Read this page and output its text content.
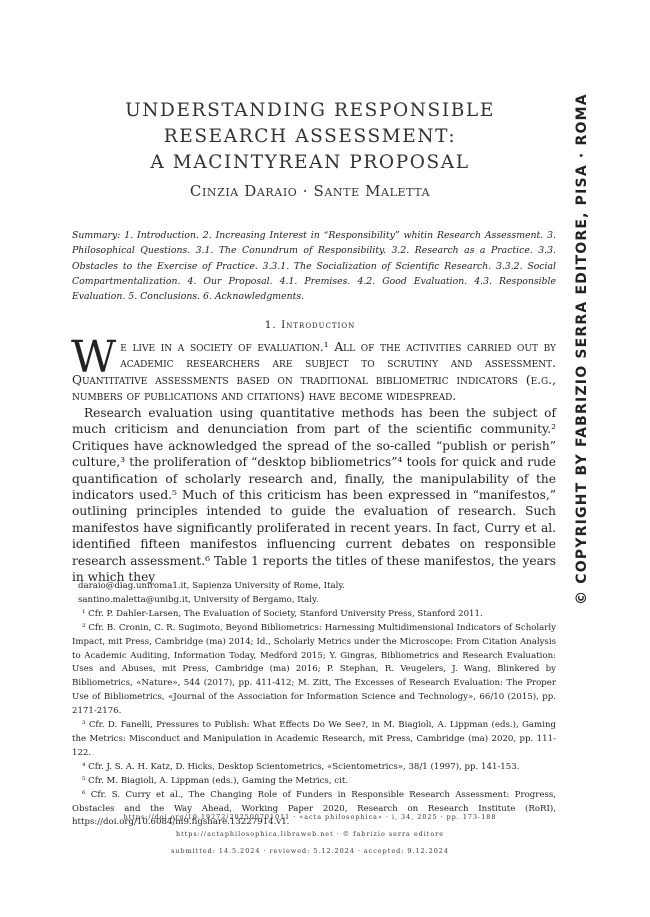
UNDERSTANDING RESPONSIBLE
RESEARCH ASSESSMENT:
A MACINTYREAN PROPOSAL
Cinzia Daraio · Sante Maletta
Summary: 1. Introduction. 2. Increasing Interest in “Responsibility” whitin Research Assessment. 3. Philosophical Questions. 3.1. The Conundrum of Responsibility. 3.2. Research as a Practice. 3.3. Obstacles to the Exercise of Practice. 3.3.1. The Socialization of Scientific Research. 3.3.2. Social Compartmentalization. 4. Our Proposal. 4.1. Premises. 4.2. Good Evaluation. 4.3. Responsible Evaluation. 5. Conclusions. 6. Acknowledgments.
1. Introduction
We live in a society of evaluation.¹ All of the activities carried out by academic researchers are subject to scrutiny and assessment. Quantitative assessments based on traditional bibliometric indicators (e.g., numbers of publications and citations) have become widespread.
Research evaluation using quantitative methods has been the subject of much criticism and denunciation from part of the scientific community.² Critiques have acknowledged the spread of the so-called “publish or perish” culture,³ the proliferation of “desktop bibliometrics”⁴ tools for quick and rude quantification of scholarly research and, finally, the manipulability of the indicators used.⁵ Much of this criticism has been expressed in “manifestos,” outlining principles intended to guide the evaluation of research. Such manifestos have significantly proliferated in recent years. In fact, Curry et al. identified fifteen manifestos influencing current debates on responsible research assessment.⁶ Table 1 reports the titles of these manifestos, the years in which they

daraio@diag.uniroma1.it, Sapienza University of Rome, Italy.

santino.maletta@unibg.it, University of Bergamo, Italy.

¹ Cfr. P. Dahler-Larsen, The Evaluation of Society, Stanford University Press, Stanford 2011.

² Cfr. B. Cronin, C. R. Sugimoto, Beyond Bibliometrics: Harnessing Multidimensional Indicators of Scholarly Impact, mit Press, Cambridge (ma) 2014; Id., Scholarly Metrics under the Microscope: From Citation Analysis to Academic Auditing, Information Today, Medford 2015; Y. Gingras, Bibliometrics and Research Evaluation: Uses and Abuses, mit Press, Cambridge (ma) 2016; P. Stephan, R. Veugelers, J. Wang, Blinkered by Bibliometrics, «Nature», 544 (2017), pp. 411-412; M. Zitt, The Excesses of Research Evaluation: The Proper Use of Bibliometrics, «Journal of the Association for Information Science and Technology», 66/10 (2015), pp. 2171-2176.

³ Cfr. D. Fanelli, Pressures to Publish: What Effects Do We See?, in M. Biagioli, A. Lippman (eds.), Gaming the Metrics: Misconduct and Manipulation in Academic Research, mit Press, Cambridge (ma) 2020, pp. 111-122.

⁴ Cfr. J. S. A. H. Katz, D. Hicks, Desktop Scientometrics, «Scientometrics», 38/1 (1997), pp. 141-153.

⁵ Cfr. M. Biagioli, A. Lippman (eds.), Gaming the Metrics, cit.

⁶ Cfr. S. Curry et al., The Changing Role of Funders in Responsible Research Assessment: Progress, Obstacles and the Way Ahead, Working Paper 2020, Research on Research Institute (RoRI), https://doi.org/10.6084/m9.figshare.13227914.v1.

https://doi.org/10.19272/202500701011 · «acta philosophica» · i, 34, 2025 · pp. 173-188
https://actaphilosophica.libraweb.net · © fabrizio serra editore
submitted: 14.5.2024 · reviewed: 5.12.2024 · accepted: 9.12.2024
© COPYRIGHT BY FABRIZIO SERRA EDITORE, PISA · ROMA
